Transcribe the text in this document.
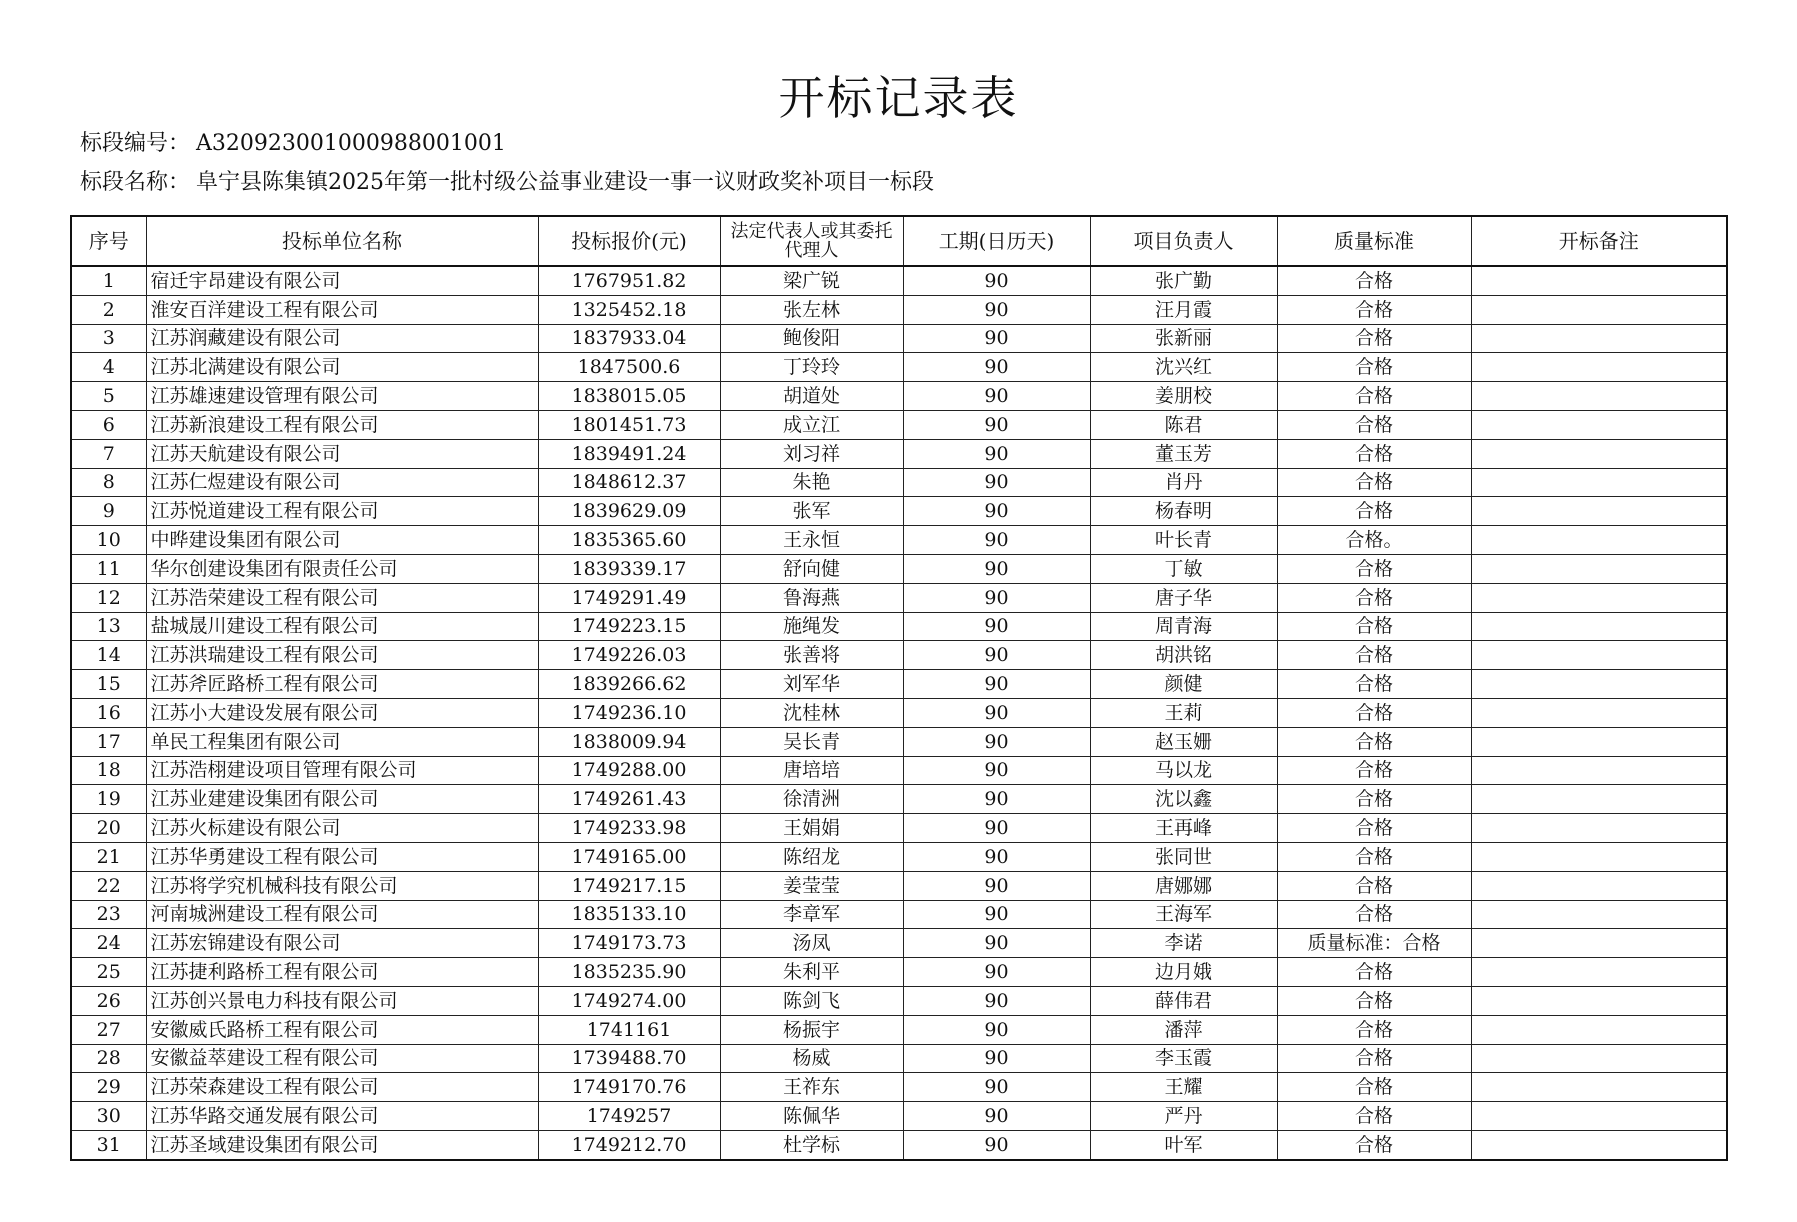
开标记录表
标段编号： A320923001000988001001
标段名称： 阜宁县陈集镇2025年第一批村级公益事业建设一事一议财政奖补项目一标段
序号	投标单位名称	投标报价(元)	法定代表人或其委托代理人	工期(日历天)	项目负责人	质量标准	开标备注
1	宿迁宇昂建设有限公司	1767951.82	梁广锐	90	张广勤	合格	
2	淮安百洋建设工程有限公司	1325452.18	张左林	90	汪月霞	合格	
3	江苏润藏建设有限公司	1837933.04	鲍俊阳	90	张新丽	合格	
4	江苏北满建设有限公司	1847500.6	丁玲玲	90	沈兴红	合格	
5	江苏雄速建设管理有限公司	1838015.05	胡道处	90	姜朋校	合格	
6	江苏新浪建设工程有限公司	1801451.73	成立江	90	陈君	合格	
7	江苏天航建设有限公司	1839491.24	刘习祥	90	董玉芳	合格	
8	江苏仁煜建设有限公司	1848612.37	朱艳	90	肖丹	合格	
9	江苏悦道建设工程有限公司	1839629.09	张军	90	杨春明	合格	
10	中晔建设集团有限公司	1835365.60	王永恒	90	叶长青	合格。	
11	华尔创建设集团有限责任公司	1839339.17	舒向健	90	丁敏	合格	
12	江苏浩荣建设工程有限公司	1749291.49	鲁海燕	90	唐子华	合格	
13	盐城晟川建设工程有限公司	1749223.15	施绳发	90	周青海	合格	
14	江苏洪瑞建设工程有限公司	1749226.03	张善将	90	胡洪铭	合格	
15	江苏斧匠路桥工程有限公司	1839266.62	刘军华	90	颜健	合格	
16	江苏小大建设发展有限公司	1749236.10	沈桂林	90	王莉	合格	
17	单民工程集团有限公司	1838009.94	吴长青	90	赵玉姗	合格	
18	江苏浩栩建设项目管理有限公司	1749288.00	唐培培	90	马以龙	合格	
19	江苏业建建设集团有限公司	1749261.43	徐清洲	90	沈以鑫	合格	
20	江苏火标建设有限公司	1749233.98	王娟娟	90	王再峰	合格	
21	江苏华勇建设工程有限公司	1749165.00	陈绍龙	90	张同世	合格	
22	江苏将学究机械科技有限公司	1749217.15	姜莹莹	90	唐娜娜	合格	
23	河南城洲建设工程有限公司	1835133.10	李章军	90	王海军	合格	
24	江苏宏锦建设有限公司	1749173.73	汤凤	90	李诺	质量标准：合格	
25	江苏捷利路桥工程有限公司	1835235.90	朱利平	90	边月娥	合格	
26	江苏创兴景电力科技有限公司	1749274.00	陈剑飞	90	薛伟君	合格	
27	安徽威氏路桥工程有限公司	1741161	杨振宇	90	潘萍	合格	
28	安徽益萃建设工程有限公司	1739488.70	杨威	90	李玉霞	合格	
29	江苏荣森建设工程有限公司	1749170.76	王祚东	90	王耀	合格	
30	江苏华路交通发展有限公司	1749257	陈佩华	90	严丹	合格	
31	江苏圣域建设集团有限公司	1749212.70	杜学标	90	叶军	合格	
